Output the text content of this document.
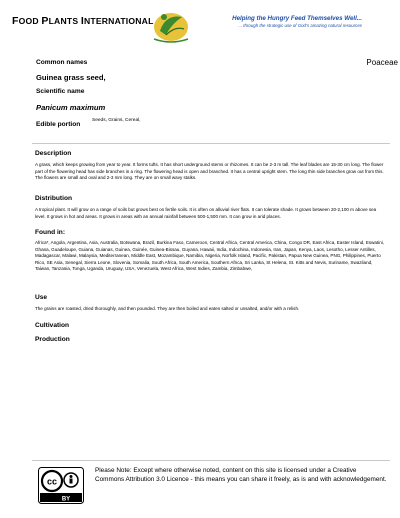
FOOD PLANTS INTERNATIONAL	Helping the Hungry Feed Themselves Well...
... through the strategic use of God's amazing natural resources
Common names	Poaceae
Guinea grass seed,
Scientific name
Panicum maximum
Edible portion
Seeds, Grains, Cereal,
Description
A grass, which keeps growing from year to year. It forms tufts. It has short underground stems or rhizomes. It can be 2-3 m tall. The leaf blades are 15-30 cm long. The flower part of the flowering head has side branches in a ring. The flowering head is open and branched. It has a central upright stem. The long thin side branches grow out from this. The flowers are small and oval and 2-3 mm long. They are on small wavy stalks.
Distribution
A tropical plant. It will grow on a range of soils but grows best on fertile soils. It is often on alluvial river flats. It can tolerate shade. It grows between 20-2,100 m above sea level. It grows in hot and areas. It grows in areas with an annual rainfall between 500-1,500 mm. It can grow in arid places.
Found in:
Africa*, Angola, Argentina, Asia, Australia, Botswana, Brazil, Burkina Faso, Cameroon, Central Africa, Central America, China, Congo DR, East Africa, Easter Island, Eswatini, Ghana, Guadeloupe, Guiana, Guianas, Guinea, Guinée, Guinea-Bissau, Guyana, Hawaii, India, Indochina, Indonesia, Iran, Japan, Kenya, Laos, Lesotho, Lesser Antilles, Madagascar, Malawi, Malaysia, Mediterranean, Middle East, Mozambique, Namibia, Nigeria, Norfolk Island, Pacific, Pakistan, Papua New Guinea, PNG, Philippines, Puerto Rico, SE Asia, Senegal, Sierra Leone, Slovenia, Somalia, South Africa, South America, Southern Africa, Sri Lanka, St Helena, St. Kitts and Nevis, Suriname, Swaziland, Taiwan, Tanzania, Tonga, Uganda, Uruguay, USA, Venezuela, West Africa, West Indies, Zambia, Zimbabwe,
Use
The grains are roasted, dried thoroughly, and then pounded. They are then boiled and eaten salted or unsalted, and/or with a relish.
Cultivation
Production
cc
BY
Please Note: Except where otherwise noted, content on this site is licensed under a Creative Commons Attribution 3.0 Licence - this means you can share it freely, as is and with acknowledgement.
